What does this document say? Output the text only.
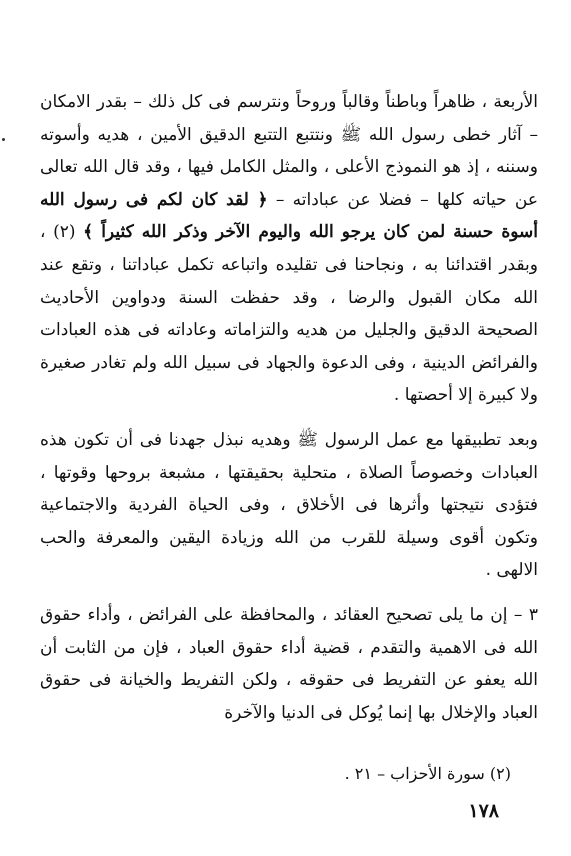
الأربعة ، ظاهراً وباطناً وقالباً وروحاً ونترسم فى كل ذلك – بقدر الامكان – آثار خطى رسول الله ﷺ ونتتبع التتبع الدقيق الأمين ، هديه وأسوته وسننه ، إذ هو النموذج الأعلى ، والمثل الكامل فيها ، وقد قال الله تعالى عن حياته كلها – فضلا عن عباداته – ﴿ لقد كان لكم فى رسول الله أسوة حسنة لمن كان يرجو الله واليوم الآخر وذكر الله كثيراً ﴾ (٢) ، وبقدر اقتدائنا به ، ونجاحنا فى تقليده واتباعه تكمل عباداتنا ، وتقع عند الله مكان القبول والرضا ، وقد حفظت السنة ودواوين الأحاديث الصحيحة الدقيق والجليل من هديه والتزاماته وعاداته فى هذه العبادات والفرائض الدينية ، وفى الدعوة والجهاد فى سبيل الله ولم تغادر صغيرة ولا كبيرة إلا أحصتها .

وبعد تطبيقها مع عمل الرسول ﷺ وهديه نبذل جهدنا فى أن تكون هذه العبادات وخصوصاً الصلاة ، متحلية بحقيقتها ، مشبعة بروحها وقوتها ، فتؤدى نتيجتها وأثرها فى الأخلاق ، وفى الحياة الفردية والاجتماعية وتكون أقوى وسيلة للقرب من الله وزيادة اليقين والمعرفة والحب الالهى .

٣ – إن ما يلى تصحيح العقائد ، والمحافظة على الفرائض ، وأداء حقوق الله فى الاهمية والتقدم ، قضية أداء حقوق العباد ، فإن من الثابت أن الله يعفو عن التفريط فى حقوقه ، ولكن التفريط والخيانة فى حقوق العباد والإخلال بها إنما يُوكل فى الدنيا والآخرة

(٢) سورة الأحزاب – ٢١ .
١٧٨
